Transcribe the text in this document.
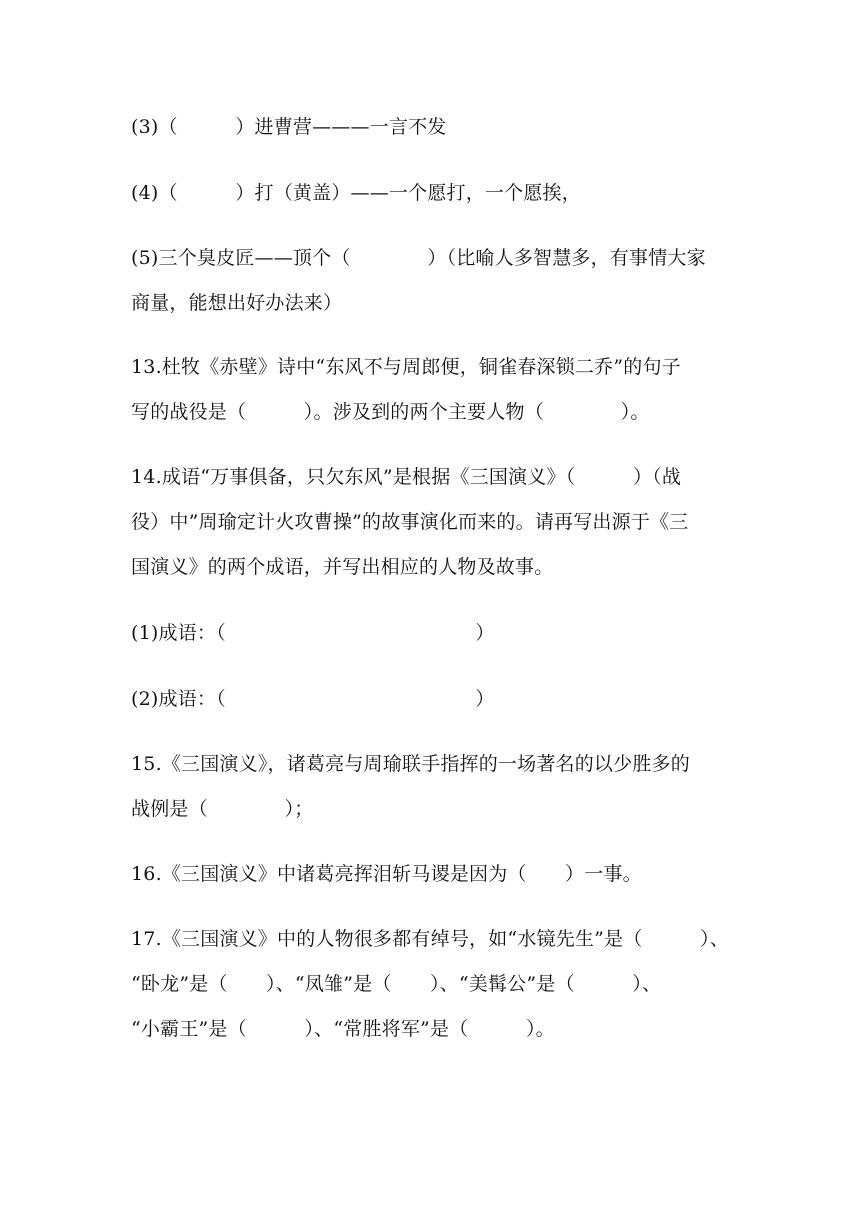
(3)（　　　）进曹营———一言不发
(4)（　　　）打（黄盖）——一个愿打，一个愿挨，
(5)三个臭皮匠——顶个（　　　　）（比喻人多智慧多，有事情大家
商量，能想出好办法来）
13.杜牧《赤壁》诗中“东风不与周郎便，铜雀春深锁二乔”的句子
写的战役是（　　　）。涉及到的两个主要人物（　　　　）。
14.成语“万事俱备，只欠东风”是根据《三国演义》（　　　）（战
役）中”周瑜定计火攻曹操”的故事演化而来的。请再写出源于《三
国演义》的两个成语，并写出相应的人物及故事。
(1)成语：（　　　　　　　　　　　　　）
(2)成语：（　　　　　　　　　　　　　）
15.《三国演义》，诸葛亮与周瑜联手指挥的一场著名的以少胜多的
战例是（　　　　）；
16.《三国演义》中诸葛亮挥泪斩马谡是因为（　　）一事。
17.《三国演义》中的人物很多都有绰号，如“水镜先生”是（　　　）、
“卧龙”是（　　）、“凤雏”是（　　）、“美髯公”是（　　　）、
“小霸王”是（　　　）、“常胜将军”是（　　　）。
